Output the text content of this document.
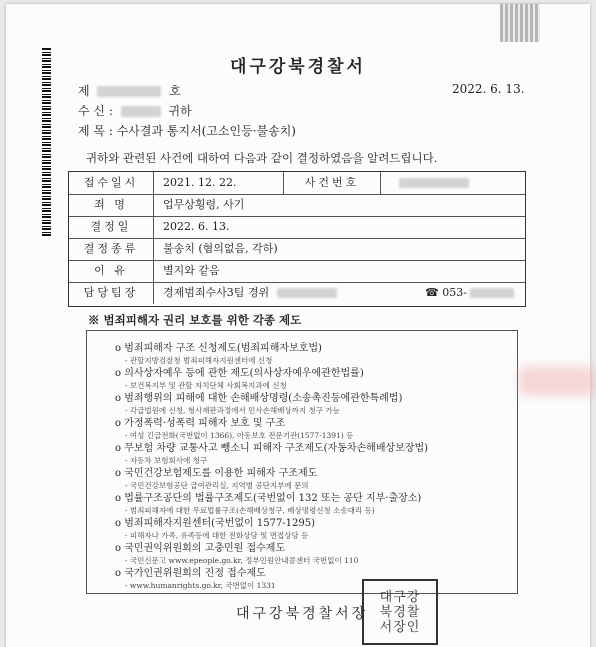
대구강북경찰서
제	호	2022. 6. 13.
수 신 :	귀하
제 목 : 수사결과 통지서(고소인등·불송치)
귀하와 관련된 사건에 대하여 다음과 같이 결정하였음을 알려드립니다.
접수일시	2021. 12. 22.	사건번호
죄 명	업무상횡령, 사기
결정일	2022. 6. 13.
결정종류	불송치 (혐의없음, 각하)
이 유	별지와 같음
담당팀장	경제범죄수사3팀 경위	☎ 053-
※ 범죄피해자 권리 보호를 위한 각종 제도
o 범죄피해자 구조 신청제도(범죄피해자보호법)
- 관할지방검찰청 범죄피해자지원센터에 신청
o 의사상자예우 등에 관한 제도(의사상자예우에관한법률)
- 보건복지부 및 관할 자치단체 사회복지과에 신청
o 범죄행위의 피해에 대한 손해배상명령(소송촉진등에관한특례법)
- 각급법원에 신청, 형사재판과정에서 민사손해배상까지 청구 가능
o 가정폭력·성폭력 피해자 보호 및 구조
- 여성 긴급전화(국번없이 1366), 아동보호 전문기관(1577-1391) 등
o 무보험 차량 교통사고 뺑소니 피해자 구조제도(자동차손해배상보장법)
- 자동차 보험회사에 청구
o 국민건강보험제도를 이용한 피해자 구조제도
- 국민건강보험공단 급여관리실, 지역별 공단지부에 문의
o 법률구조공단의 법률구조제도(국번없이 132 또는 공단 지부·출장소)
- 범죄피해자에 대한 무료법률구조(손해배상청구, 배상명령신청 소송대리 등)
o 범죄피해자지원센터(국번없이 1577-1295)
- 피해자나 가족, 유족등에 대한 전화상담 및 면접상담 등
o 국민권익위원회의 고충민원 접수제도
- 국민신문고 www.epeople.go.kr, 정부민원안내콜센터 국번없이 110
o 국가인권위원회의 진정 접수제도
- www.humanrights.go.kr, 국번없이 1331
대구강북경찰서장
대구강북경찰서장인
